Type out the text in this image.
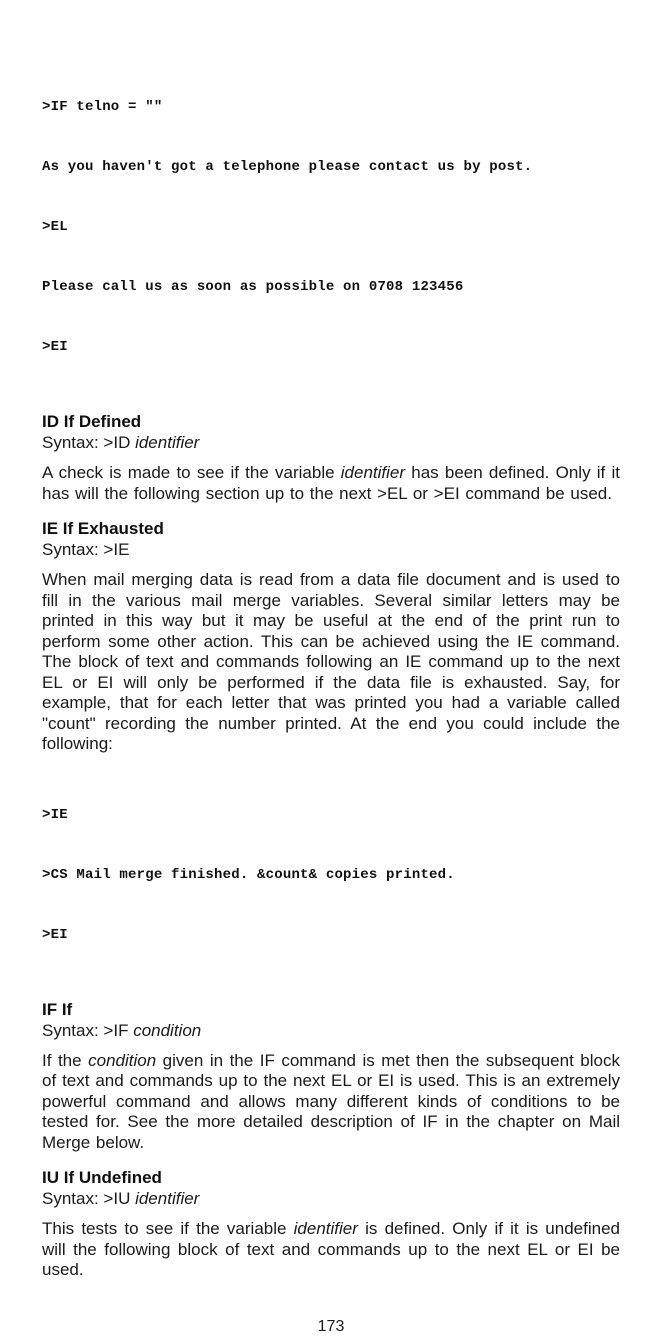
>IF telno = ""

As you haven't got a telephone please contact us by post.

>EL

Please call us as soon as possible on 0708 123456

>EI

ID If Defined
Syntax: >ID identifier

A check is made to see if the variable identifier has been defined. Only if it has will the following section up to the next >EL or >EI command be used.

IE If Exhausted
Syntax: >IE

When mail merging data is read from a data file document and is used to fill in the various mail merge variables. Several similar letters may be printed in this way but it may be useful at the end of the print run to perform some other action. This can be achieved using the IE command. The block of text and commands following an IE command up to the next EL or EI will only be performed if the data file is exhausted. Say, for example, that for each letter that was printed you had a variable called "count" recording the number printed. At the end you could include the following:

>IE

>CS Mail merge finished. &count& copies printed.

>EI

IF If
Syntax: >IF condition

If the condition given in the IF command is met then the subsequent block of text and commands up to the next EL or EI is used. This is an extremely powerful command and allows many different kinds of conditions to be tested for. See the more detailed description of IF in the chapter on Mail Merge below.

IU If Undefined
Syntax: >IU identifier

This tests to see if the variable identifier is defined. Only if it is undefined will the following block of text and commands up to the next EL or EI be used.

173
